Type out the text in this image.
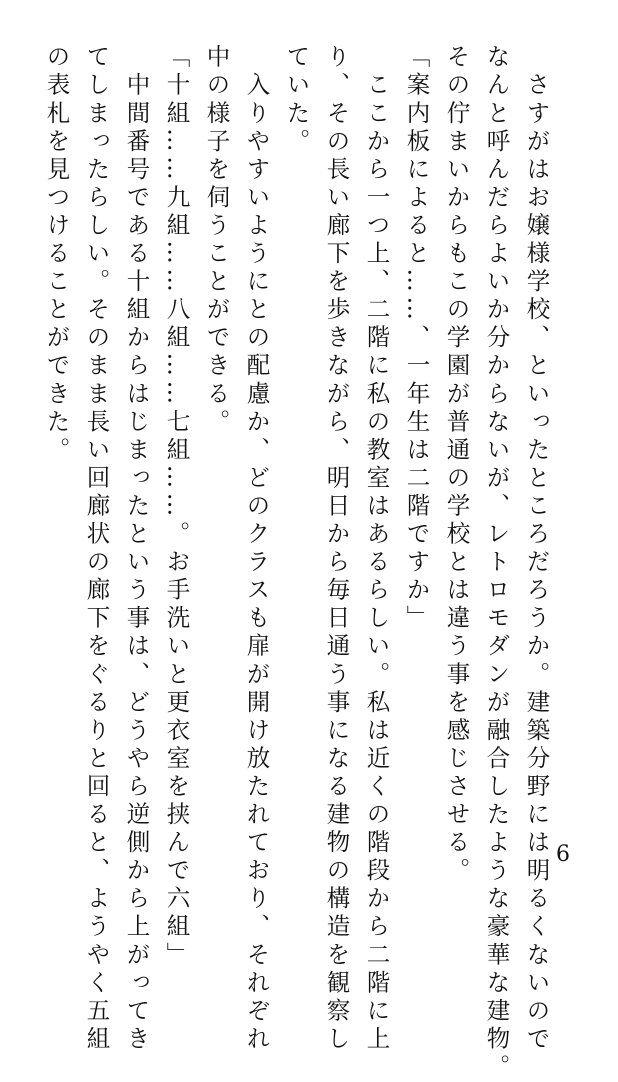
　さすがはお嬢様学校、といったところだろうか。建築分野には明るくないので
なんと呼んだらよいか分からないが、レトロモダンが融合したような豪華な建物。
その佇まいからもこの学園が普通の学校とは違う事を感じさせる。
「案内板によると……、一年生は二階ですか」
　ここから一つ上、二階に私の教室はあるらしい。私は近くの階段から二階に上
り、その長い廊下を歩きながら、明日から毎日通う事になる建物の構造を観察し
ていた。
　入りやすいようにとの配慮か、どのクラスも扉が開け放たれており、それぞれ
中の様子を伺うことができる。
「十組……九組……八組……七組……。お手洗いと更衣室を挟んで六組」
　中間番号である十組からはじまったという事は、どうやら逆側から上がってき
てしまったらしい。そのまま長い回廊状の廊下をぐるりと回ると、ようやく五組
の表札を見つけることができた。
6
